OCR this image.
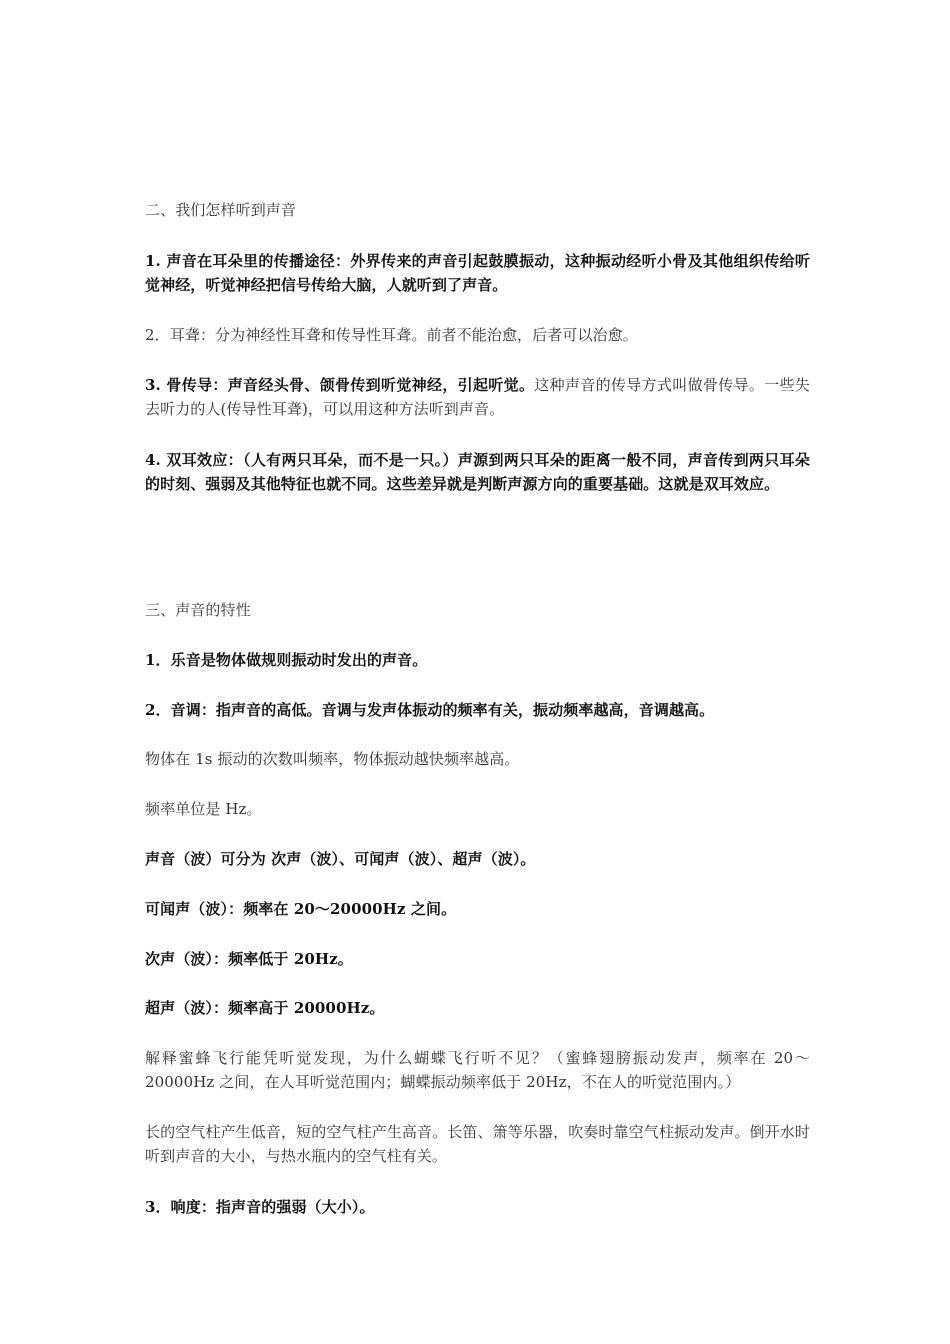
二、我们怎样听到声音

1. 声音在耳朵里的传播途径：外界传来的声音引起鼓膜振动，这种振动经听小骨及其他组织传给听觉神经，听觉神经把信号传给大脑，人就听到了声音。

2．耳聋：分为神经性耳聋和传导性耳聋。前者不能治愈，后者可以治愈。

3. 骨传导：声音经头骨、颌骨传到听觉神经，引起听觉。这种声音的传导方式叫做骨传导。一些失去听力的人(传导性耳聋)，可以用这种方法听到声音。

4. 双耳效应：（人有两只耳朵，而不是一只。）声源到两只耳朵的距离一般不同，声音传到两只耳朵的时刻、强弱及其他特征也就不同。这些差异就是判断声源方向的重要基础。这就是双耳效应。

三、声音的特性

1．乐音是物体做规则振动时发出的声音。

2．音调：指声音的高低。音调与发声体振动的频率有关，振动频率越高，音调越高。

物体在 1s 振动的次数叫频率，物体振动越快频率越高。

频率单位是 Hz。

声音（波）可分为 次声（波）、可闻声（波）、超声（波）。

可闻声（波）：频率在 20～20000Hz 之间。

次声（波）：频率低于 20Hz。

超声（波）：频率高于 20000Hz。

解释蜜蜂飞行能凭听觉发现，为什么蝴蝶飞行听不见？（蜜蜂翅膀振动发声，频率在 20～20000Hz 之间，在人耳听觉范围内；蝴蝶振动频率低于 20Hz，不在人的听觉范围内。）

长的空气柱产生低音，短的空气柱产生高音。长笛、箫等乐器，吹奏时靠空气柱振动发声。倒开水时听到声音的大小，与热水瓶内的空气柱有关。

3．响度：指声音的强弱（大小）。
